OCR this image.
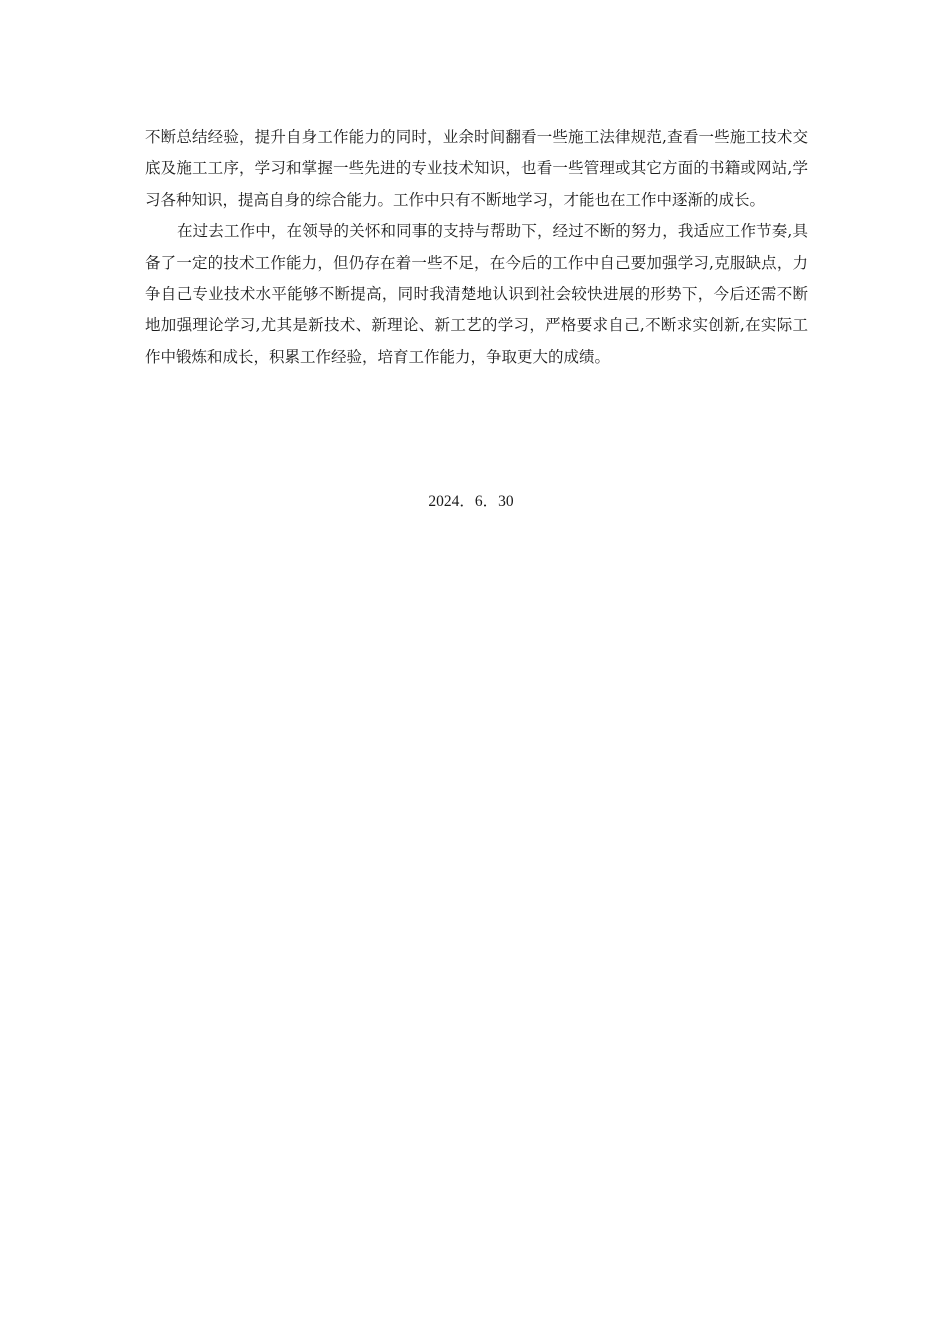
不断总结经验，提升自身工作能力的同时，业余时间翻看一些施工法律规范,查看一些施工技术交底及施工工序，学习和掌握一些先进的专业技术知识，也看一些管理或其它方面的书籍或网站,学习各种知识，提高自身的综合能力。工作中只有不断地学习，才能也在工作中逐渐的成长。

在过去工作中，在领导的关怀和同事的支持与帮助下，经过不断的努力，我适应工作节奏,具备了一定的技术工作能力，但仍存在着一些不足，在今后的工作中自己要加强学习,克服缺点，力争自己专业技术水平能够不断提高，同时我清楚地认识到社会较快进展的形势下，今后还需不断地加强理论学习,尤其是新技术、新理论、新工艺的学习，严格要求自己,不断求实创新,在实际工作中锻炼和成长，积累工作经验，培育工作能力，争取更大的成绩。

2024．6．30
